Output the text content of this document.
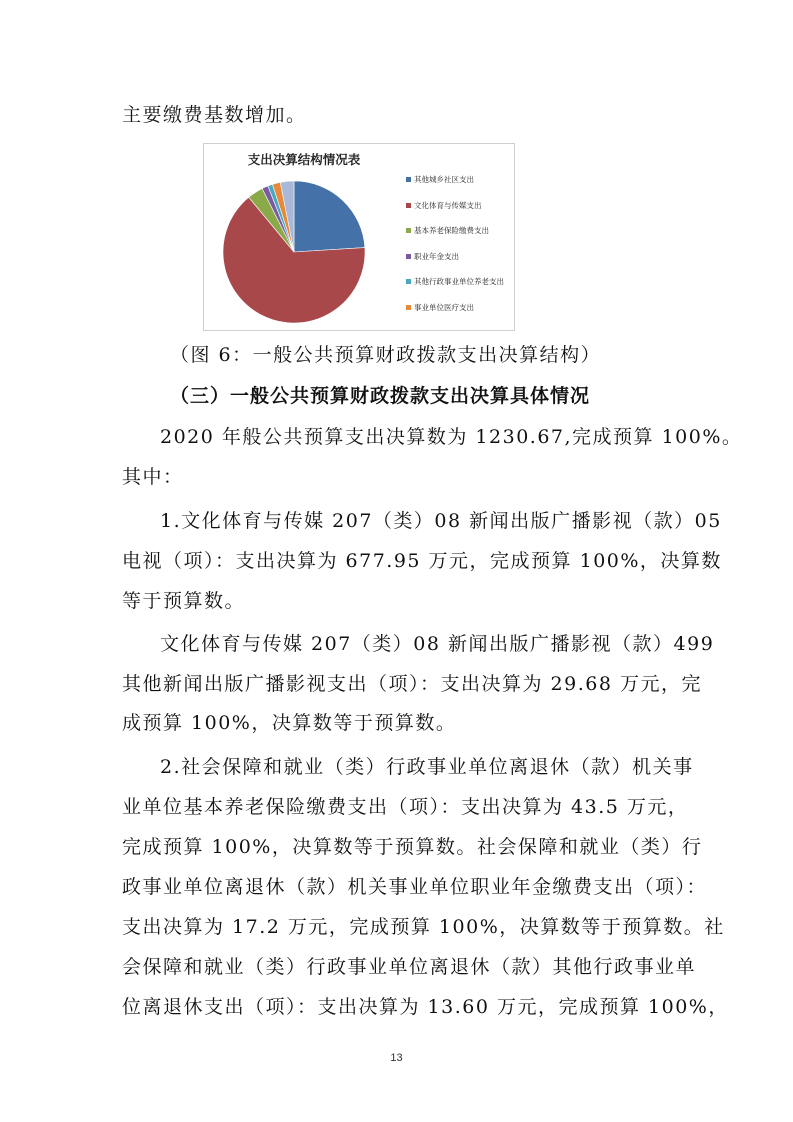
主要缴费基数增加。
支出决算结构情况表
其他城乡社区支出
文化体育与传媒支出
基本养老保险缴费支出
职业年金支出
其他行政事业单位养老支出
事业单位医疗支出
（图 6：一般公共预算财政拨款支出决算结构）
（三）一般公共预算财政拨款支出决算具体情况
2020 年般公共预算支出决算数为 1230.67,完成预算 100%。
其中：
1.文化体育与传媒 207（类）08 新闻出版广播影视（款）05
电视（项）：支出决算为 677.95 万元，完成预算 100%，决算数
等于预算数。
文化体育与传媒 207（类）08 新闻出版广播影视（款）499
其他新闻出版广播影视支出（项）：支出决算为 29.68 万元，完
成预算 100%，决算数等于预算数。
2.社会保障和就业（类）行政事业单位离退休（款）机关事
业单位基本养老保险缴费支出（项）：支出决算为 43.5 万元，
完成预算 100%，决算数等于预算数。社会保障和就业（类）行
政事业单位离退休（款）机关事业单位职业年金缴费支出（项）：
支出决算为 17.2 万元，完成预算 100%，决算数等于预算数。社
会保障和就业（类）行政事业单位离退休（款）其他行政事业单
位离退休支出（项）：支出决算为 13.60 万元，完成预算 100%，
13
